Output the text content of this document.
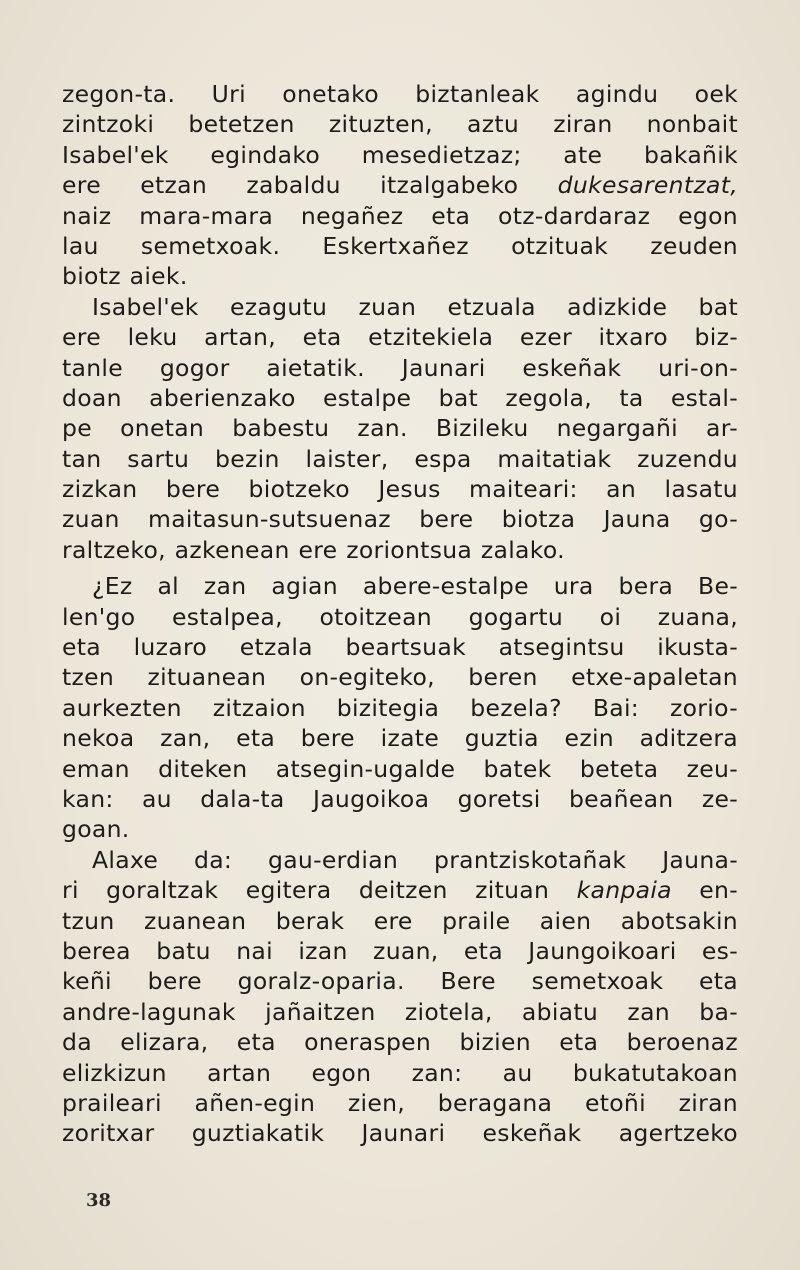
zegon-ta. Uri onetako biztanleak agindu oek
zintzoki betetzen zituzten, aztu ziran nonbait
Isabel'ek egindako mesedietzaz; ate bakañik
ere etzan zabaldu itzalgabeko dukesarentzat,
naiz mara-mara negañez eta otz-dardaraz egon
lau semetxoak. Eskertxañez otzituak zeuden
biotz aiek.
Isabel'ek ezagutu zuan etzuala adizkide bat
ere leku artan, eta etzitekiela ezer itxaro biz-
tanle gogor aietatik. Jaunari eskeñak uri-on-
doan aberienzako estalpe bat zegola, ta estal-
pe onetan babestu zan. Bizileku negargañi ar-
tan sartu bezin laister, espa maitatiak zuzendu
zizkan bere biotzeko Jesus maiteari: an lasatu
zuan maitasun-sutsuenaz bere biotza Jauna go-
raltzeko, azkenean ere zoriontsua zalako.
¿Ez al zan agian abere-estalpe ura bera Be-
len'go estalpea, otoitzean gogartu oi zuana,
eta luzaro etzala beartsuak atsegintsu ikusta-
tzen zituanean on-egiteko, beren etxe-apaletan
aurkezten zitzaion bizitegia bezela? Bai: zorio-
nekoa zan, eta bere izate guztia ezin aditzera
eman diteken atsegin-ugalde batek beteta zeu-
kan: au dala-ta Jaugoikoa goretsi beañean ze-
goan.
Alaxe da: gau-erdian prantziskotañak Jauna-
ri goraltzak egitera deitzen zituan kanpaia en-
tzun zuanean berak ere praile aien abotsakin
berea batu nai izan zuan, eta Jaungoikoari es-
keñi bere goralz-oparia. Bere semetxoak eta
andre-lagunak jañaitzen ziotela, abiatu zan ba-
da elizara, eta oneraspen bizien eta beroenaz
elizkizun artan egon zan: au bukatutakoan
praileari añen-egin zien, beragana etoñi ziran
zoritxar guztiakatik Jaunari eskeñak agertzeko
38
